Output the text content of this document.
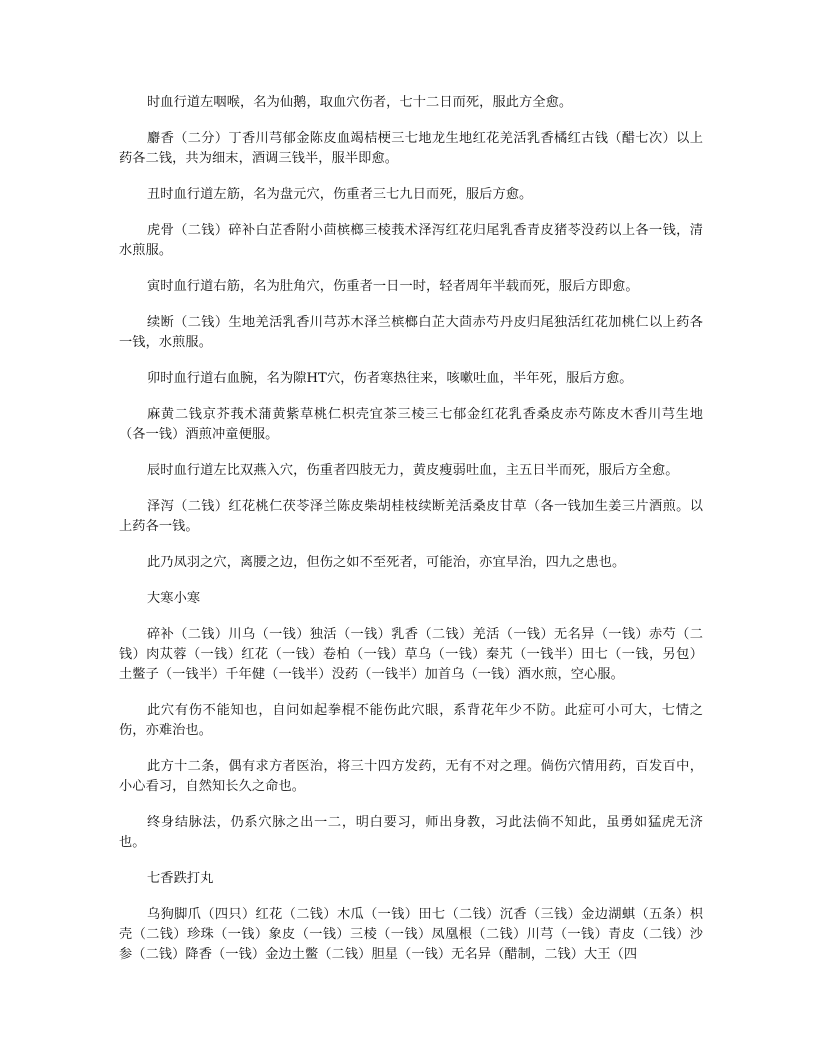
时血行道左咽喉，名为仙鹅，取血穴伤者，七十二日而死，服此方全愈。

麝香（二分）丁香川芎郁金陈皮血竭桔梗三七地龙生地红花羌活乳香橘红古钱（醋七次）以上药各二钱，共为细末，酒调三钱半，服半即愈。

丑时血行道左筋，名为盘元穴，伤重者三七九日而死，服后方愈。

虎骨（二钱）碎补白芷香附小茴槟榔三棱莪术泽泻红花归尾乳香青皮猪苓没药以上各一钱，清水煎服。

寅时血行道右筋，名为肚角穴，伤重者一日一时，轻者周年半载而死，服后方即愈。

续断（二钱）生地羌活乳香川芎苏木泽兰槟榔白芷大茴赤芍丹皮归尾独活红花加桃仁以上药各一钱，水煎服。

卯时血行道右血腕，名为隙HT穴，伤者寒热往来，咳嗽吐血，半年死，服后方愈。

麻黄二钱京芥莪术蒲黄紫草桃仁枳壳宜茶三棱三七郁金红花乳香桑皮赤芍陈皮木香川芎生地（各一钱）酒煎冲童便服。

辰时血行道左比双燕入穴，伤重者四肢无力，黄皮瘦弱吐血，主五日半而死，服后方全愈。

泽泻（二钱）红花桃仁茯苓泽兰陈皮柴胡桂枝续断羌活桑皮甘草（各一钱加生姜三片酒煎。以上药各一钱。

此乃凤羽之穴，离腰之边，但伤之如不至死者，可能治，亦宜早治，四九之患也。

大寒小寒

碎补（二钱）川乌（一钱）独活（一钱）乳香（二钱）羌活（一钱）无名异（一钱）赤芍（二钱）肉苁蓉（一钱）红花（一钱）卷柏（一钱）草乌（一钱）秦艽（一钱半）田七（一钱，另包）土鳖子（一钱半）千年健（一钱半）没药（一钱半）加首乌（一钱）酒水煎，空心服。

此穴有伤不能知也，自问如起拳棍不能伤此穴眼，系背花年少不防。此症可小可大，七情之伤，亦难治也。

此方十二条，偶有求方者医治，将三十四方发药，无有不对之理。倘伤穴情用药，百发百中，小心看习，自然知长久之命也。

终身结脉法，仍系穴脉之出一二，明白要习，师出身教，习此法倘不知此，虽勇如猛虎无济也。

七香跌打丸

乌狗脚爪（四只）红花（二钱）木瓜（一钱）田七（二钱）沉香（三钱）金边湖蜞（五条）枳壳（二钱）珍珠（一钱）象皮（一钱）三棱（一钱）凤凰根（二钱）川芎（一钱）青皮（二钱）沙参（二钱）降香（一钱）金边土鳖（二钱）胆星（一钱）无名异（醋制，二钱）大王（四
